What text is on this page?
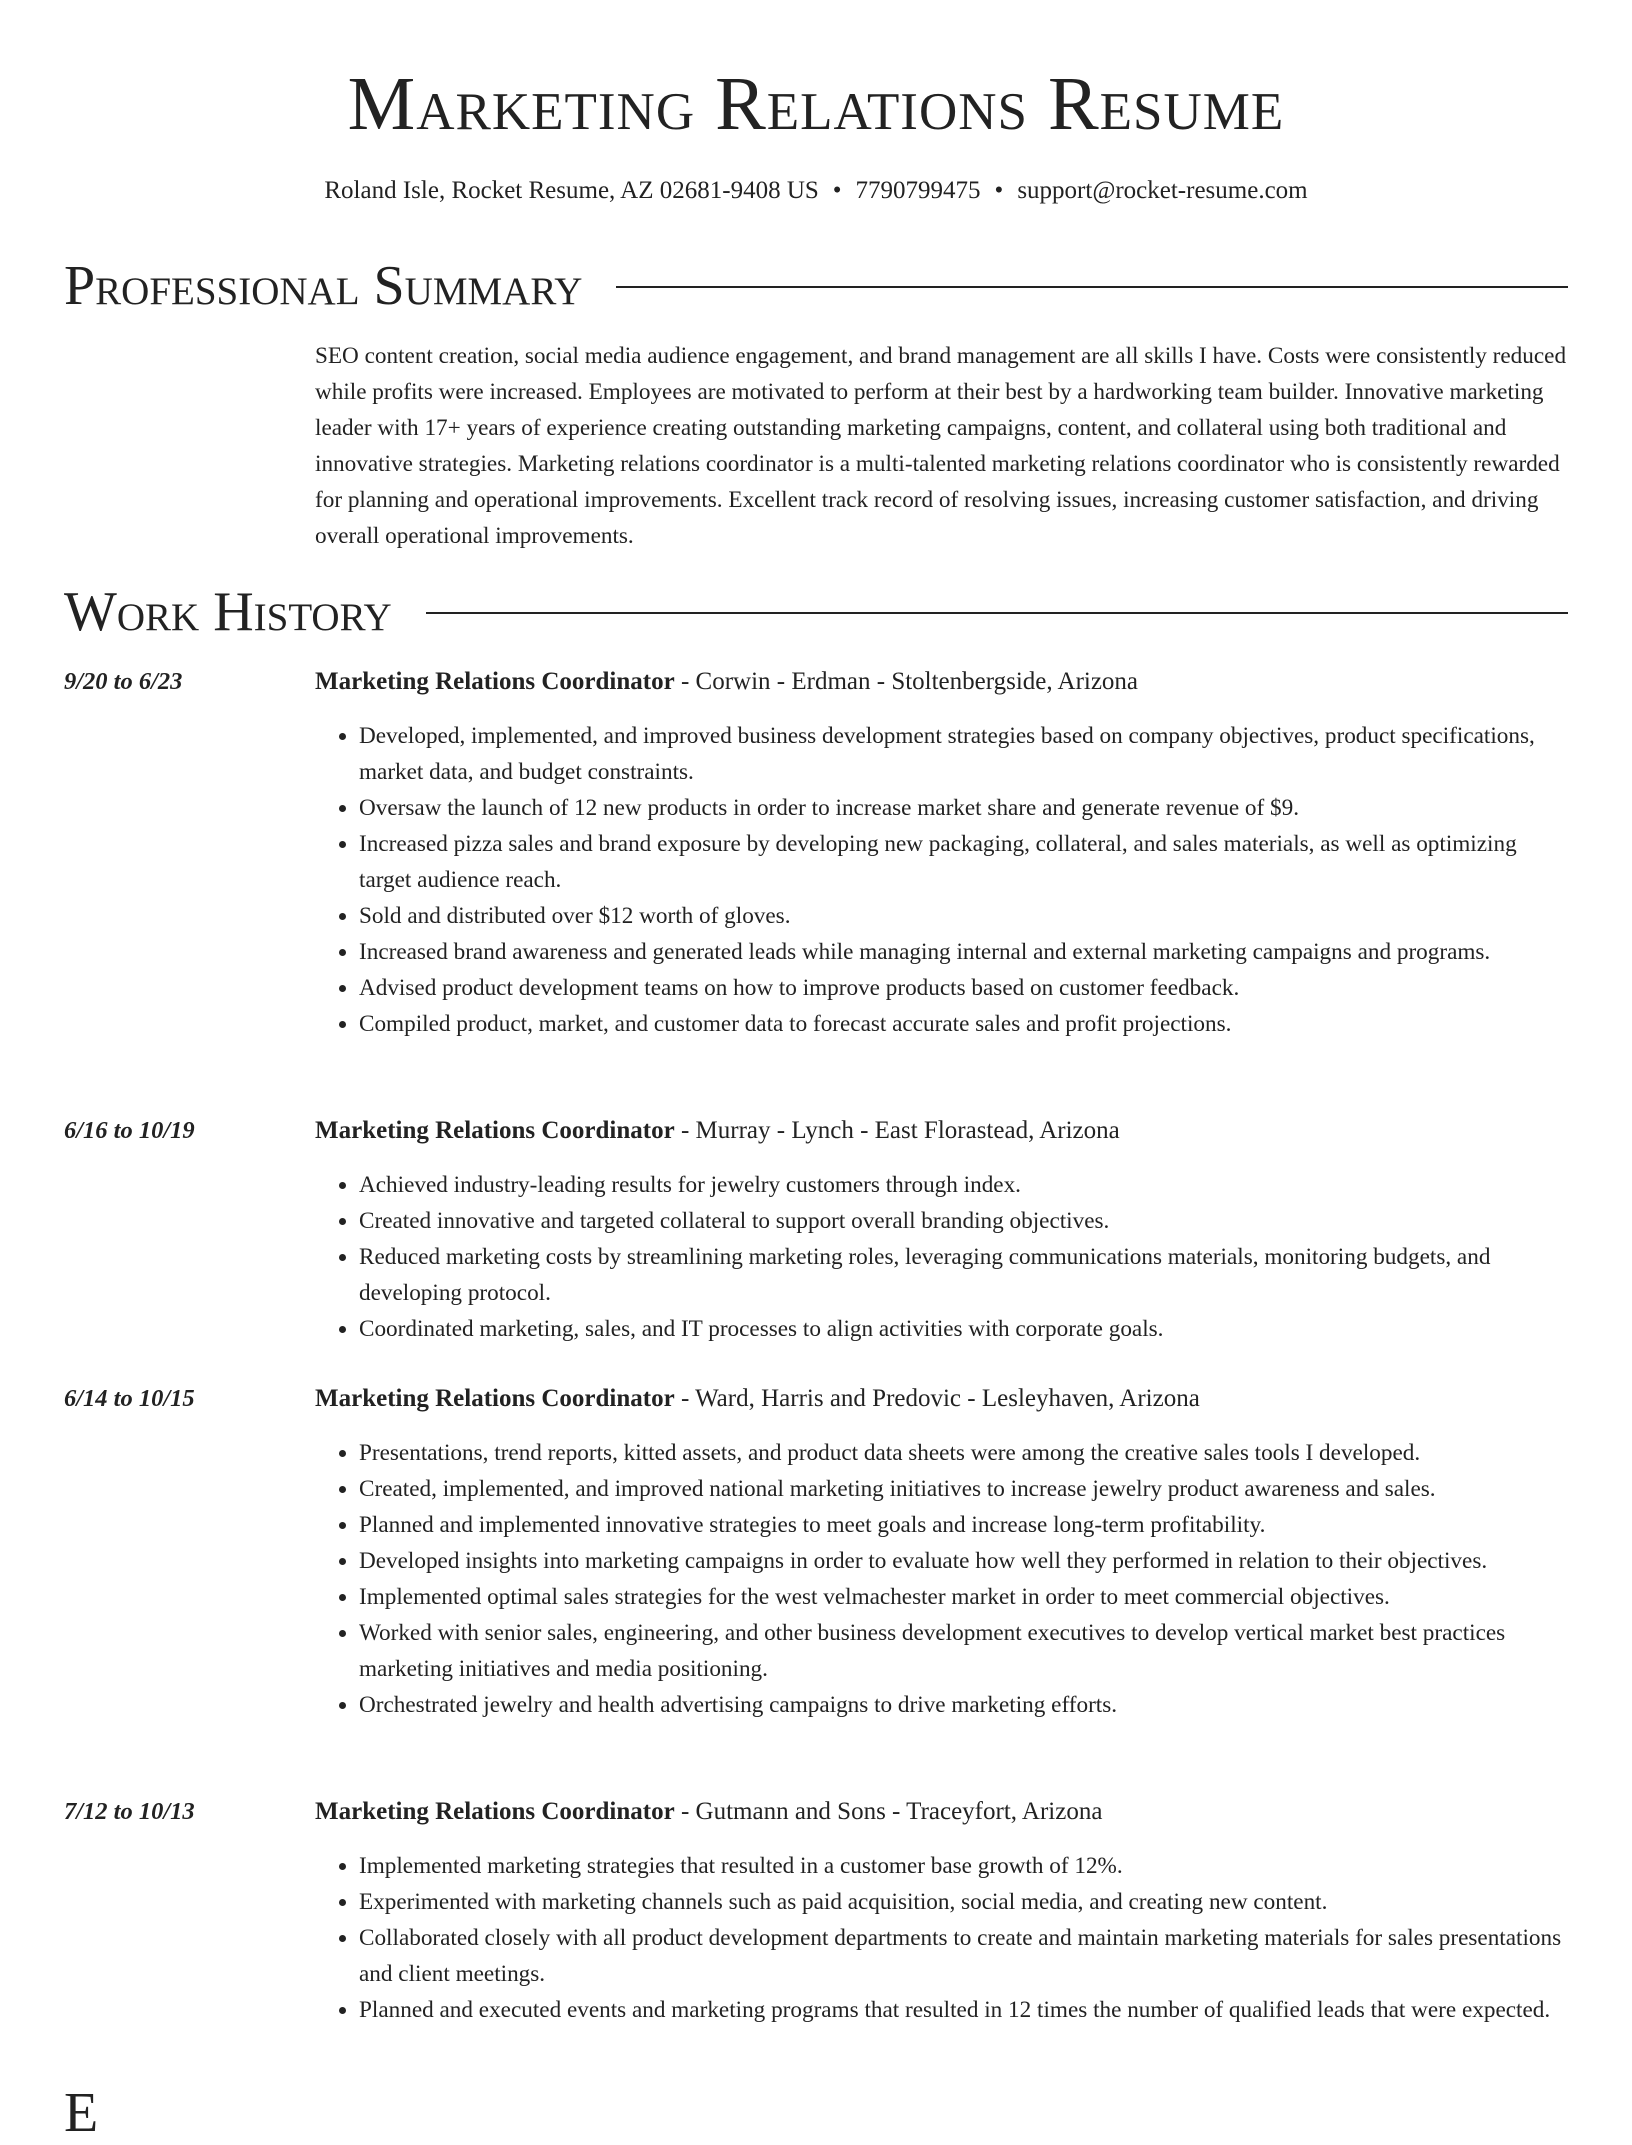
Marketing Relations Resume
Roland Isle, Rocket Resume, AZ 02681-9408 US • 7790799475 • support@rocket-resume.com
Professional Summary

SEO content creation, social media audience engagement, and brand management are all skills I have. Costs were consistently reduced while profits were increased. Employees are motivated to perform at their best by a hardworking team builder. Innovative marketing leader with 17+ years of experience creating outstanding marketing campaigns, content, and collateral using both traditional and innovative strategies. Marketing relations coordinator is a multi-talented marketing relations coordinator who is consistently rewarded for planning and operational improvements. Excellent track record of resolving issues, increasing customer satisfaction, and driving overall operational improvements.

Work History
9/20 to 6/23	Marketing Relations Coordinator - Corwin - Erdman - Stoltenbergside, Arizona
• Developed, implemented, and improved business development strategies based on company objectives, product specifications, market data, and budget constraints.
• Oversaw the launch of 12 new products in order to increase market share and generate revenue of $9.
• Increased pizza sales and brand exposure by developing new packaging, collateral, and sales materials, as well as optimizing target audience reach.
• Sold and distributed over $12 worth of gloves.
• Increased brand awareness and generated leads while managing internal and external marketing campaigns and programs.
• Advised product development teams on how to improve products based on customer feedback.
• Compiled product, market, and customer data to forecast accurate sales and profit projections.
6/16 to 10/19	Marketing Relations Coordinator - Murray - Lynch - East Florastead, Arizona
• Achieved industry-leading results for jewelry customers through index.
• Created innovative and targeted collateral to support overall branding objectives.
• Reduced marketing costs by streamlining marketing roles, leveraging communications materials, monitoring budgets, and developing protocol.
• Coordinated marketing, sales, and IT processes to align activities with corporate goals.
6/14 to 10/15	Marketing Relations Coordinator - Ward, Harris and Predovic - Lesleyhaven, Arizona
• Presentations, trend reports, kitted assets, and product data sheets were among the creative sales tools I developed.
• Created, implemented, and improved national marketing initiatives to increase jewelry product awareness and sales.
• Planned and implemented innovative strategies to meet goals and increase long-term profitability.
• Developed insights into marketing campaigns in order to evaluate how well they performed in relation to their objectives.
• Implemented optimal sales strategies for the west velmachester market in order to meet commercial objectives.
• Worked with senior sales, engineering, and other business development executives to develop vertical market best practices marketing initiatives and media positioning.
• Orchestrated jewelry and health advertising campaigns to drive marketing efforts.
7/12 to 10/13	Marketing Relations Coordinator - Gutmann and Sons - Traceyfort, Arizona
• Implemented marketing strategies that resulted in a customer base growth of 12%.
• Experimented with marketing channels such as paid acquisition, social media, and creating new content.
• Collaborated closely with all product development departments to create and maintain marketing materials for sales presentations and client meetings.
• Planned and executed events and marketing programs that resulted in 12 times the number of qualified leads that were expected.
E
